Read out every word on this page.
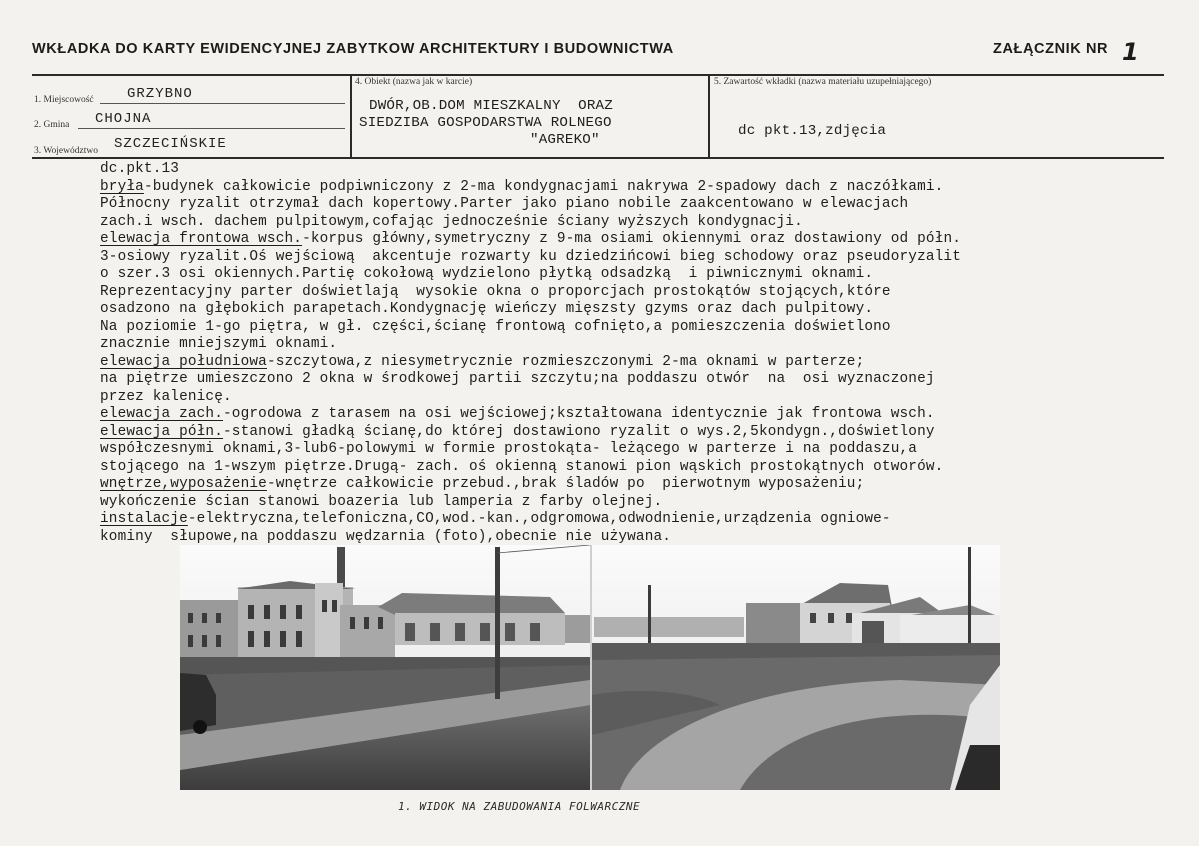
WKŁADKA DO KARTY EWIDENCYJNEJ ZABYTKOW ARCHITEKTURY I BUDOWNICTWA	ZAŁĄCZNIK NR 1
1. Miejscowość GRZYBNO
2. Gmina CHOJNA
3. Województwo SZCZECIŃSKIE
4. Obiekt (nazwa jak w karcie)
DWÓR,OB.DOM MIESZKALNY  ORAZ
SIEDZIBA GOSPODARSTWA ROLNEGO
"AGREKO"
5. Zawartość wkładki (nazwa materiału uzupełniającego)
dc pkt.13,zdjęcia
dc.pkt.13
bryła-budynek całkowicie podpiwniczony z 2-ma kondygnacjami nakrywa 2-spadowy dach z naczółkami.
Północny ryzalit otrzymał dach kopertowy.Parter jako piano nobile zaakcentowano w elewacjach
zach.i wsch. dachem pulpitowym,cofając jednocześnie ściany wyższych kondygnacji.
elewacja frontowa wsch.-korpus główny,symetryczny z 9-ma osiami okiennymi oraz dostawiony od półn.
3-osiowy ryzalit.Oś wejściową  akcentuje rozwarty ku dziedzińcowi bieg schodowy oraz pseudoryzalit
o szer.3 osi okiennych.Partię cokołową wydzielono płytką odsadzką  i piwnicznymi oknami.
Reprezentacyjny parter doświetlają  wysokie okna o proporcjach prostokątów stojących,które
osadzono na głębokich parapetach.Kondygnację wieńczy mięszsty gzyms oraz dach pulpitowy.
Na poziomie 1-go piętra, w gł. części,ścianę frontową cofnięto,a pomieszczenia doświetlono
znacznie mniejszymi oknami.
elewacja południowa-szczytowa,z niesymetrycznie rozmieszczonymi 2-ma oknami w parterze;
na piętrze umieszczono 2 okna w środkowej partii szczytu;na poddaszu otwór  na  osi wyznaczonej
przez kalenicę.
elewacja zach.-ogrodowa z tarasem na osi wejściowej;kształtowana identycznie jak frontowa wsch.
elewacja półn.-stanowi gładką ścianę,do której dostawiono ryzalit o wys.2,5kondygn.,doświetlony
współczesnymi oknami,3-lub6-polowymi w formie prostokąta- leżącego w parterze i na poddaszu,a
stojącego na 1-wszym piętrze.Drugą- zach. oś okienną stanowi pion wąskich prostokątnych otworów.
wnętrze,wyposażenie-wnętrze całkowicie przebud.,brak śladów po  pierwotnym wyposażeniu;
wykończenie ścian stanowi boazeria lub lamperia z farby olejnej.
instalacje-elektryczna,telefoniczna,CO,wod.-kan.,odgromowa,odwodnienie,urządzenia ogniowe-
kominy  słupowe,na poddaszu wędzarnia (foto),obecnie nie używana.
1. WIDOK NA ZABUDOWANIA FOLWARCZNE
